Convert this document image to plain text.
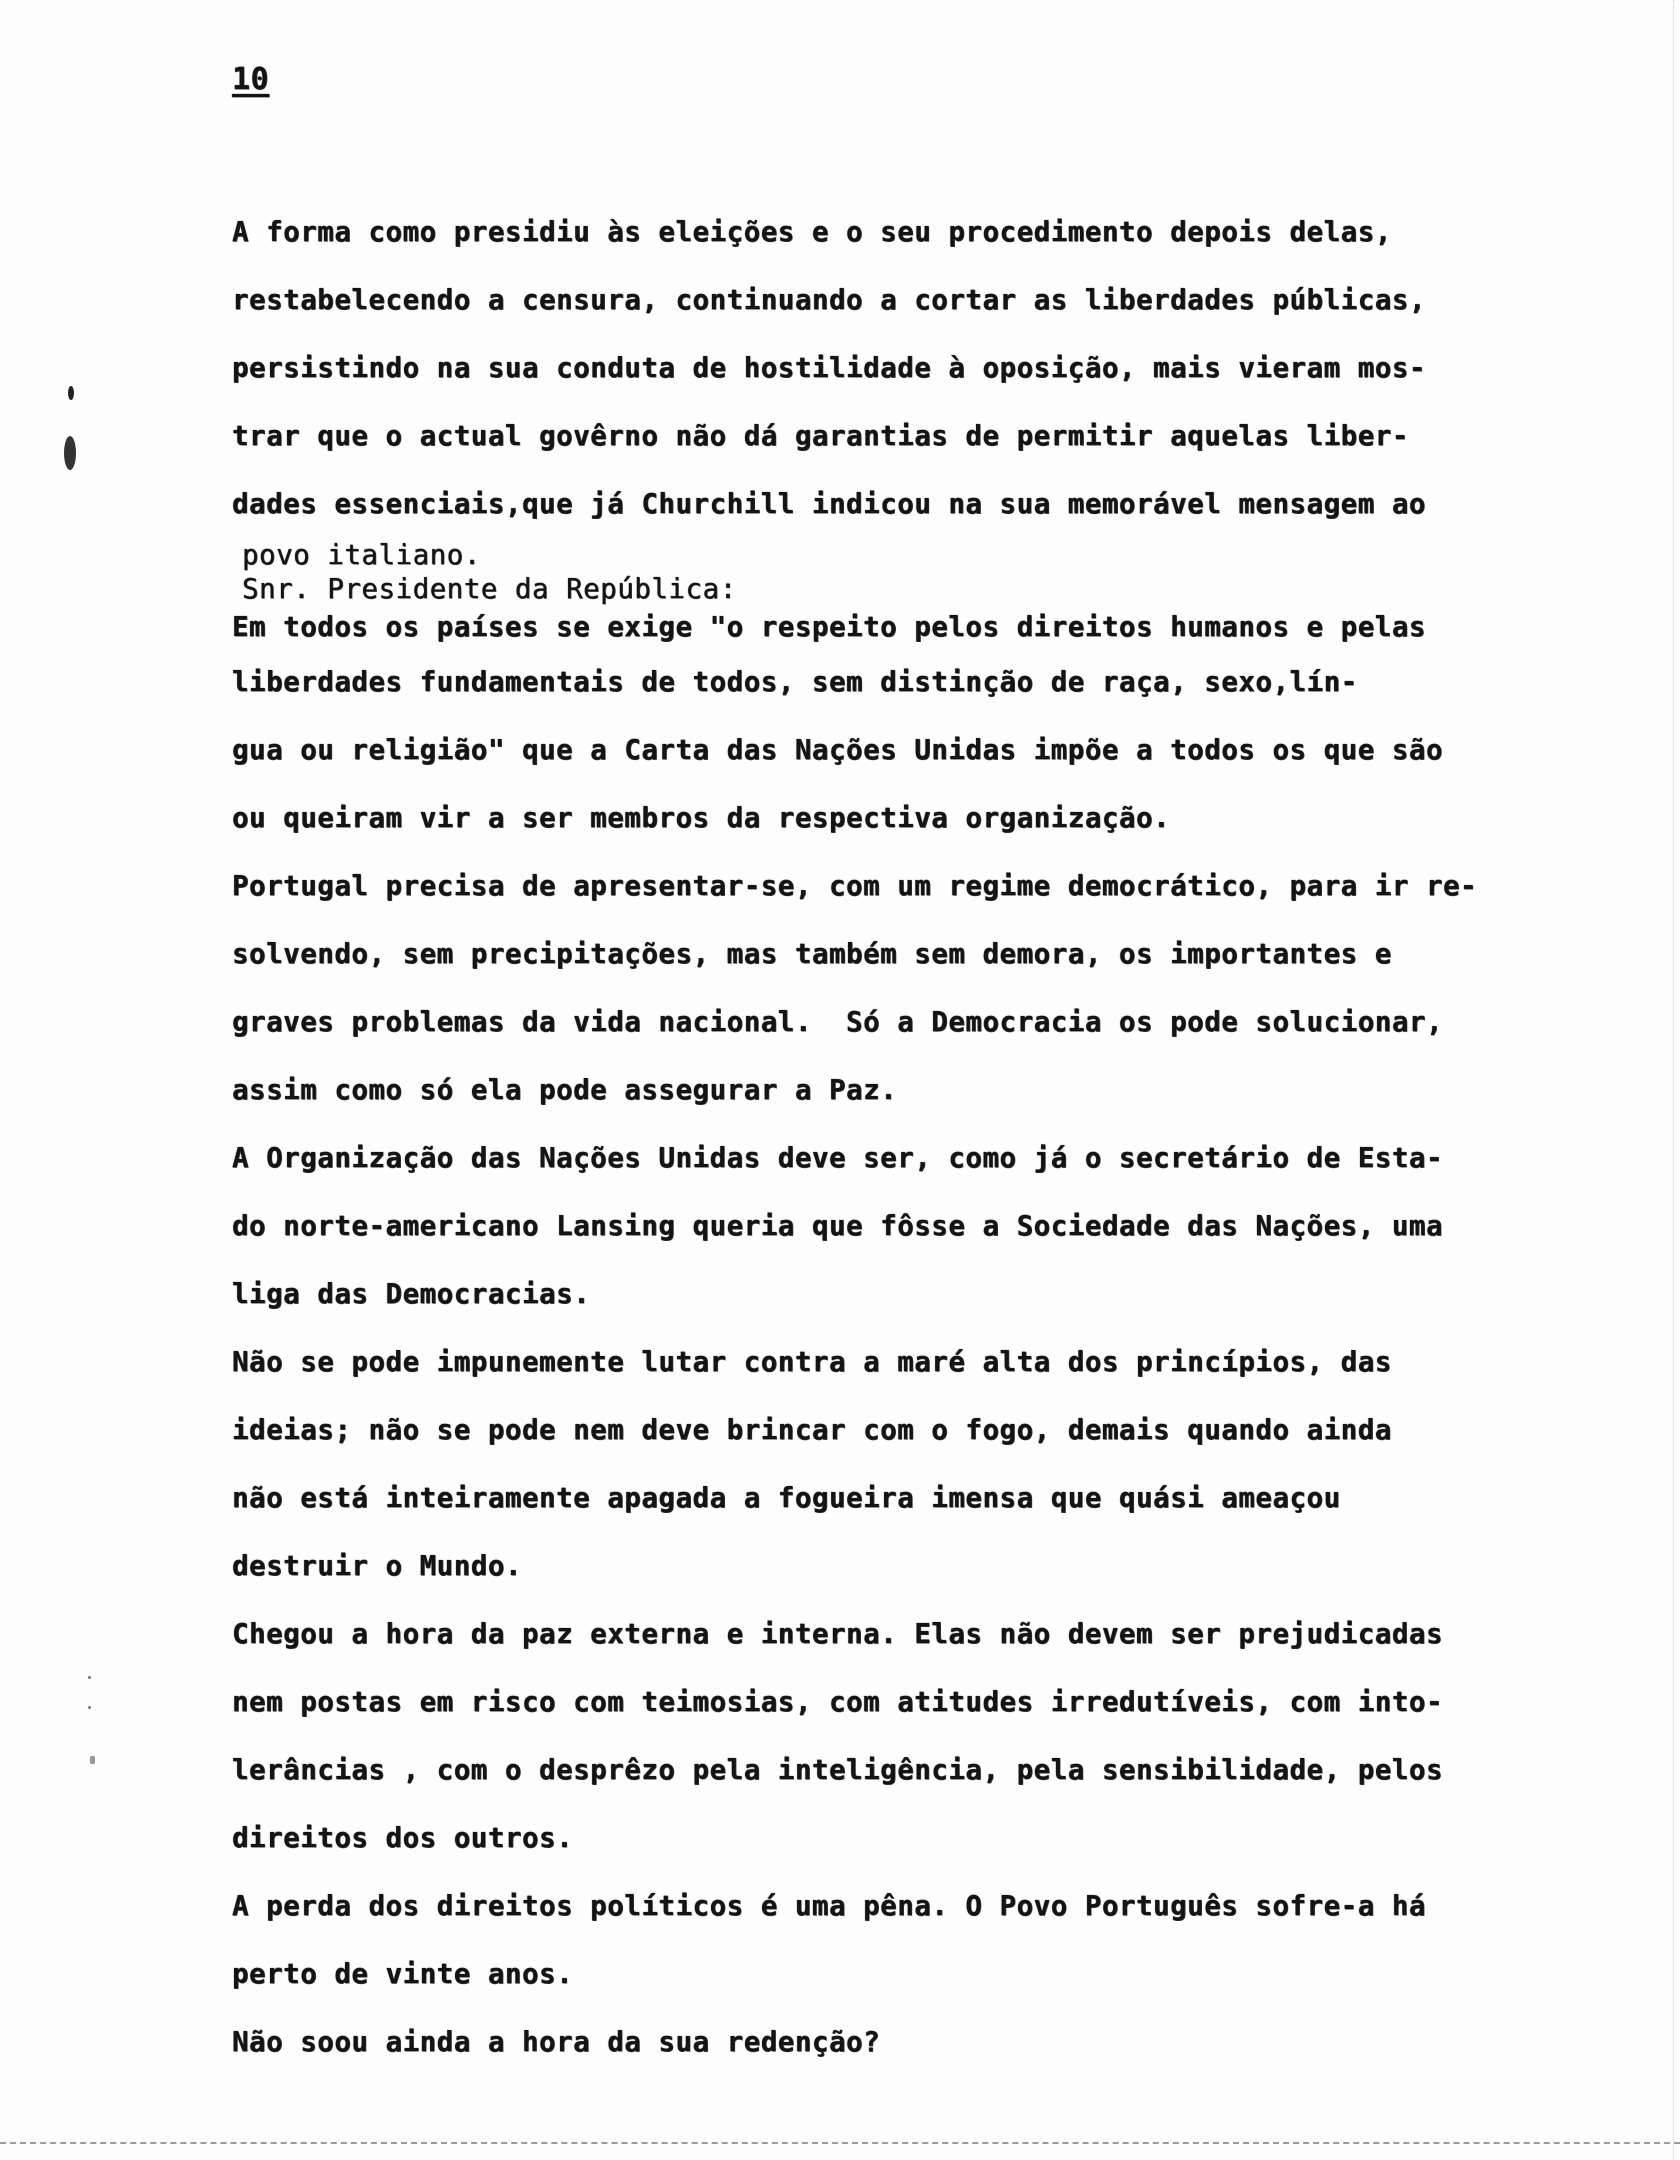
10
A forma como presidiu às eleições e o seu procedimento depois delas,
restabelecendo a censura, continuando a cortar as liberdades públicas,
persistindo na sua conduta de hostilidade à oposição, mais vieram mos-
trar que o actual govêrno não dá garantias de permitir aquelas liber-
dades essenciais,que já Churchill indicou na sua memorável mensagem ao
povo italiano.
Snr. Presidente da República:
Em todos os países se exige "o respeito pelos direitos humanos e pelas
liberdades fundamentais de todos, sem distinção de raça, sexo,lín-
gua ou religião" que a Carta das Nações Unidas impõe a todos os que são
ou queiram vir a ser membros da respectiva organização.
Portugal precisa de apresentar-se, com um regime democrático, para ir re-
solvendo, sem precipitações, mas também sem demora, os importantes e
graves problemas da vida nacional.  Só a Democracia os pode solucionar,
assim como só ela pode assegurar a Paz.
A Organização das Nações Unidas deve ser, como já o secretário de Esta-
do norte-americano Lansing queria que fôsse a Sociedade das Nações, uma
liga das Democracias.
Não se pode impunemente lutar contra a maré alta dos princípios, das
ideias; não se pode nem deve brincar com o fogo, demais quando ainda
não está inteiramente apagada a fogueira imensa que quási ameaçou
destruir o Mundo.
Chegou a hora da paz externa e interna. Elas não devem ser prejudicadas
nem postas em risco com teimosias, com atitudes irredutíveis, com into-
lerâncias , com o desprêzo pela inteligência, pela sensibilidade, pelos
direitos dos outros.
A perda dos direitos políticos é uma pêna. O Povo Português sofre-a há
perto de vinte anos.
Não soou ainda a hora da sua redenção?
